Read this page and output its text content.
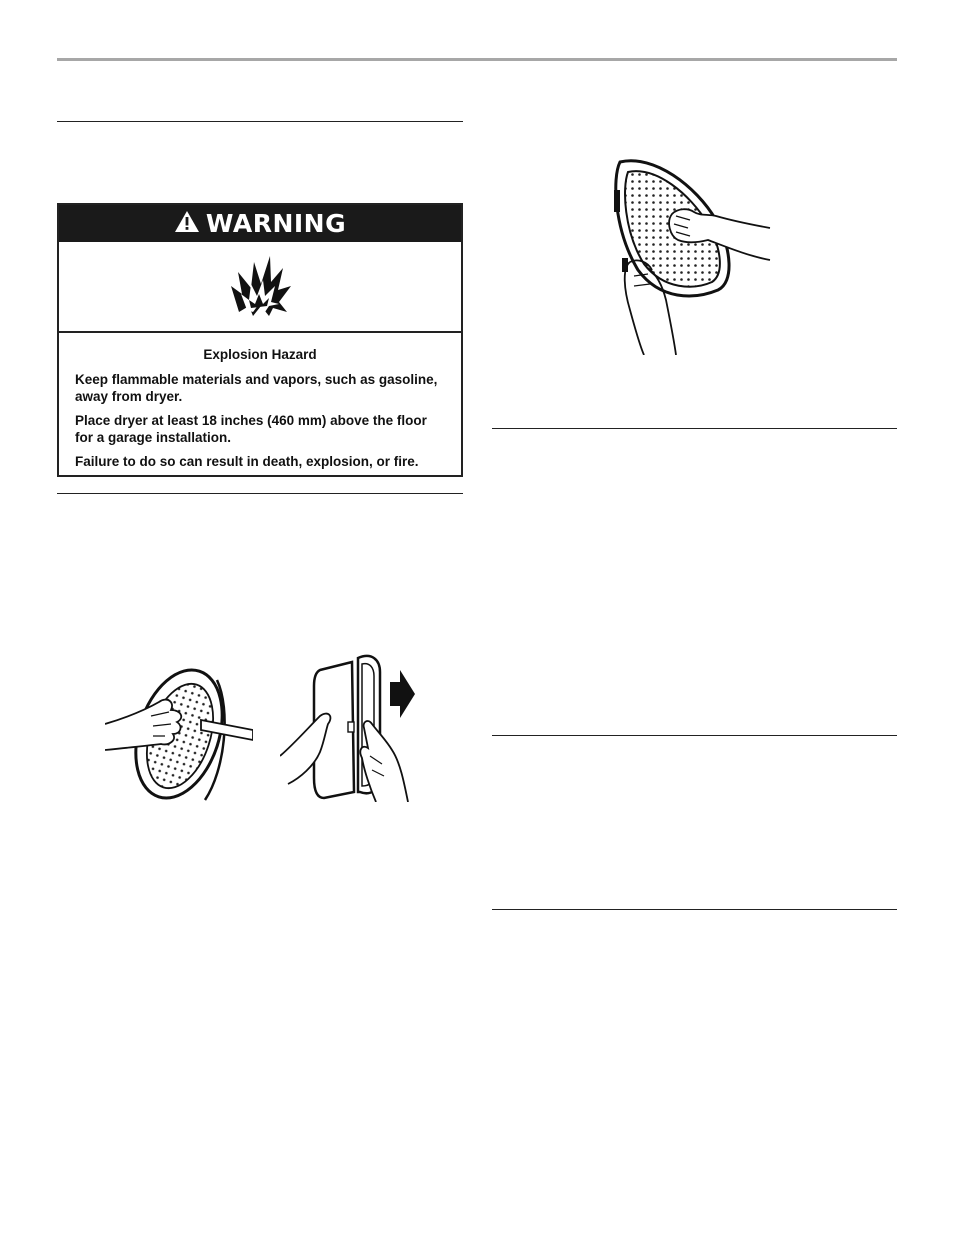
WARNING

Explosion Hazard

Keep flammable materials and vapors, such as gasoline, away from dryer.

Place dryer at least 18 inches (460 mm) above the floor for a garage installation.

Failure to do so can result in death, explosion, or fire.
